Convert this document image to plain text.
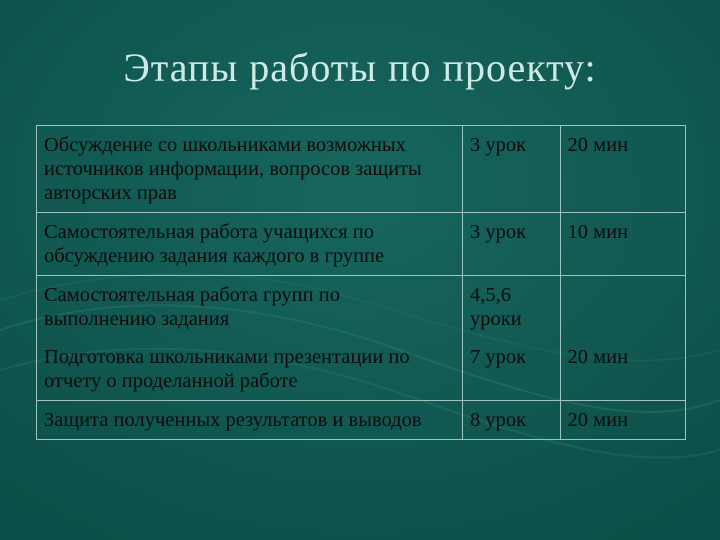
Этапы работы по проекту:
Обсуждение со школьниками возможных источников информации, вопросов защиты авторских прав	3 урок	20 мин
Самостоятельная работа учащихся по обсуждению задания каждого в группе	3 урок	10 мин
Самостоятельная работа групп по выполнению задания	4,5,6 уроки	
Подготовка школьниками презентации по отчету о проделанной работе	7 урок	20 мин
Защита полученных результатов и выводов	8 урок	20 мин
